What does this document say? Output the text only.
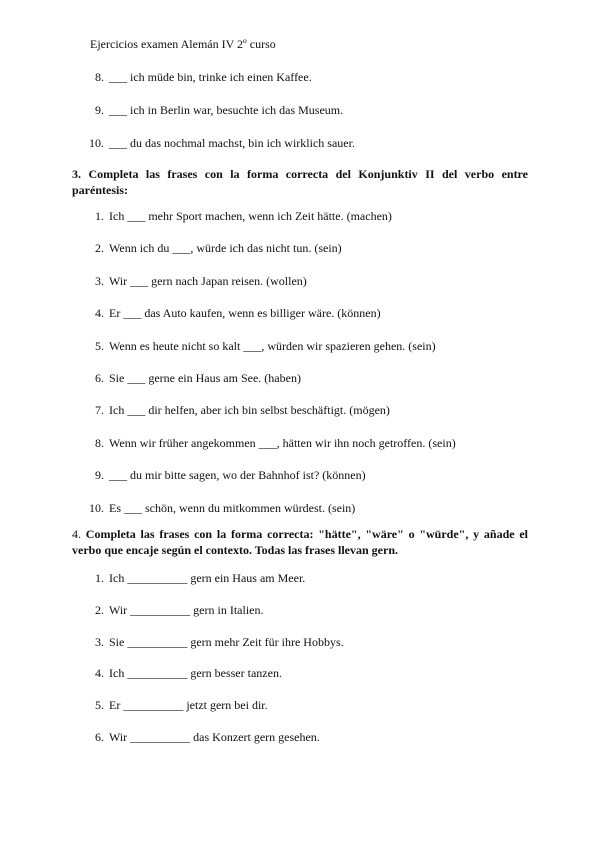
Ejercicios examen Alemán IV 2º curso
8. ___ ich müde bin, trinke ich einen Kaffee.
9. ___ ich in Berlin war, besuchte ich das Museum.
10. ___ du das nochmal machst, bin ich wirklich sauer.
3. Completa las frases con la forma correcta del Konjunktiv II del verbo entre paréntesis:
1. Ich ___ mehr Sport machen, wenn ich Zeit hätte. (machen)
2. Wenn ich du ___, würde ich das nicht tun. (sein)
3. Wir ___ gern nach Japan reisen. (wollen)
4. Er ___ das Auto kaufen, wenn es billiger wäre. (können)
5. Wenn es heute nicht so kalt ___, würden wir spazieren gehen. (sein)
6. Sie ___ gerne ein Haus am See. (haben)
7. Ich ___ dir helfen, aber ich bin selbst beschäftigt. (mögen)
8. Wenn wir früher angekommen ___, hätten wir ihn noch getroffen. (sein)
9. ___ du mir bitte sagen, wo der Bahnhof ist? (können)
10. Es ___ schön, wenn du mitkommen würdest. (sein)
4. Completa las frases con la forma correcta: "hätte", "wäre" o "würde", y añade el verbo que encaje según el contexto. Todas las frases llevan gern.
1. Ich __________ gern ein Haus am Meer.
2. Wir __________ gern in Italien.
3. Sie __________ gern mehr Zeit für ihre Hobbys.
4. Ich __________ gern besser tanzen.
5. Er __________ jetzt gern bei dir.
6. Wir __________ das Konzert gern gesehen.
